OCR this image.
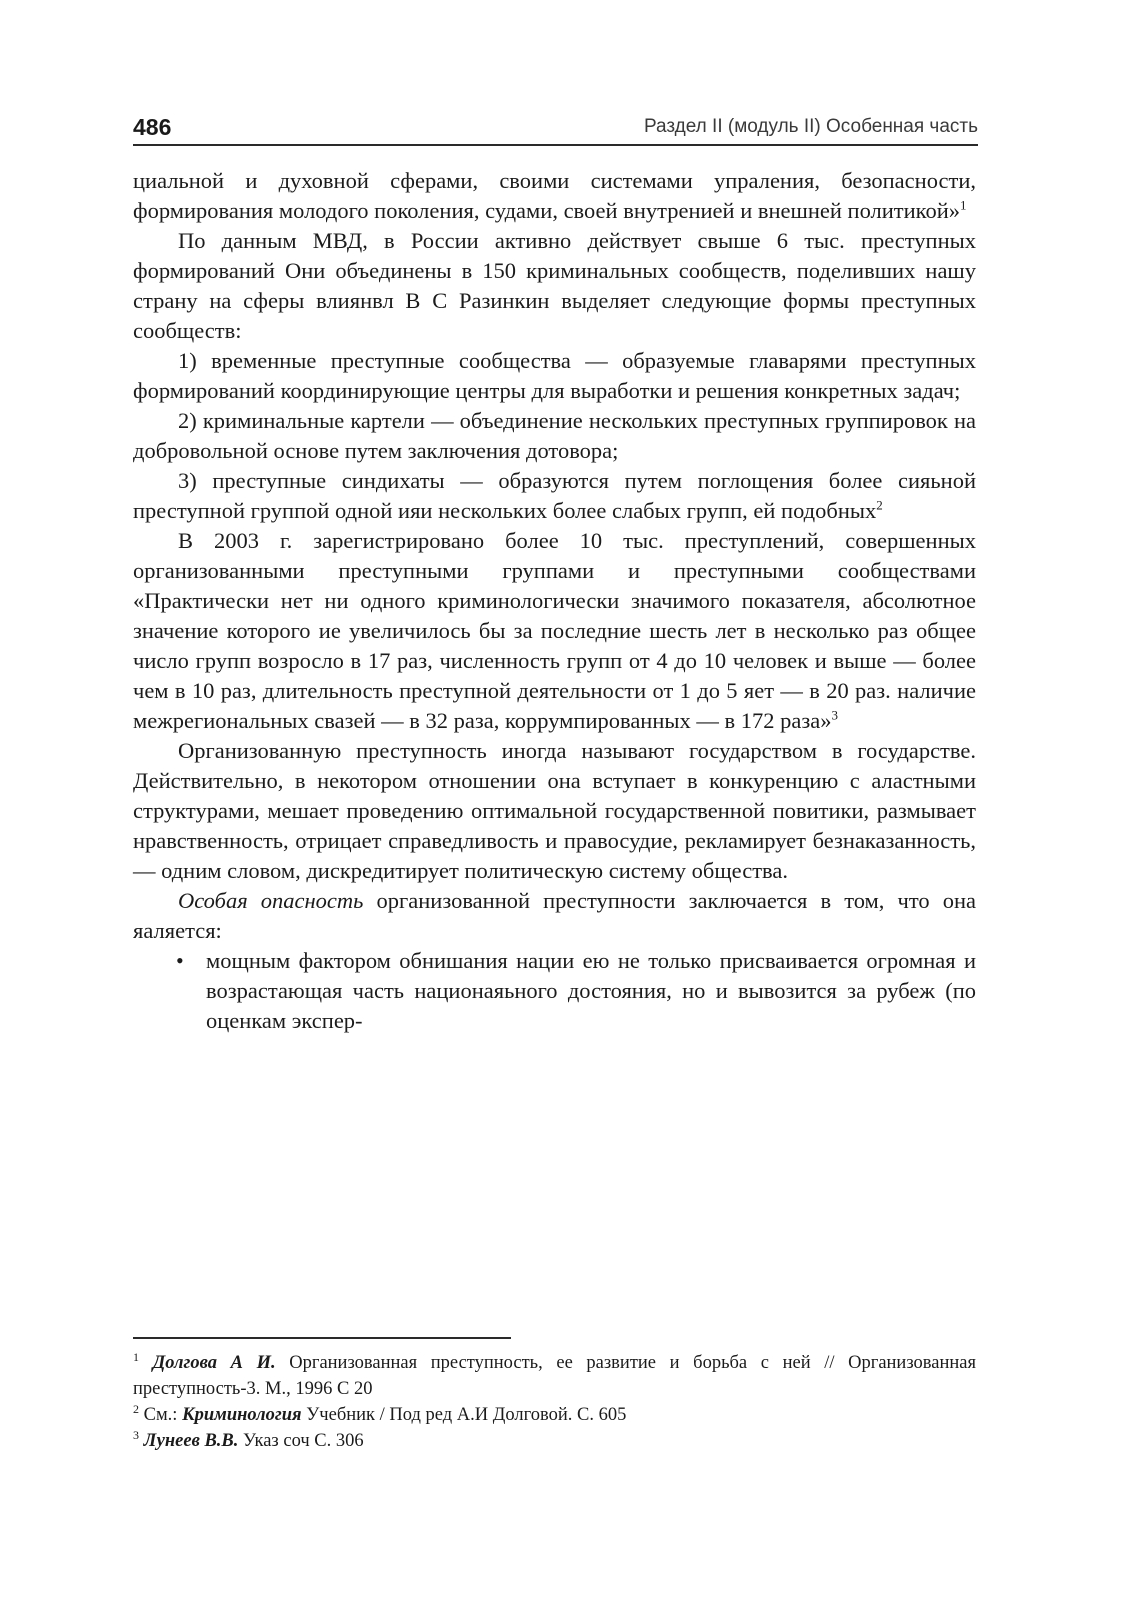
486	Раздел II (модуль II) Особенная часть

циальной и духовной сферами, своими системами упраления, безопасности, формирования молодого поколения, судами, своей внутренией и внешней политикой»$^1$

По данным МВД, в России активно действует свыше 6 тыс. преступных формирований Они объединены в 150 криминальных сообществ, поделивших нашу страну на сферы влиянвл В С Разинкин выделяет следующие формы преступных сообществ:

1) временные преступные сообщества — образуемые главарями преступных формирований координирующие центры для выработки и решения конкретных задач;

2) криминальные картели — объединение нескольких преступных группировок на добровольной основе путем заключения дотовора;

3) преступные синдихаты — образуются путем поглощения более сияьной преступной группой одной ияи нескольких более слабых групп, ей подобных$^2$

В 2003 г. зарегистрировано более 10 тыс. преступлений, совершенных организованными преступными группами и преступными сообществами «Практически нет ни одного криминологически значимого показателя, абсолютное значение которого ие увеличилось бы за последние шесть лет в несколько раз общее число групп возросло в 17 раз, численность групп от 4 до 10 человек и выше — более чем в 10 раз, длительность преступной деятельности от 1 до 5 яет — в 20 раз. наличие межрегиональных свазей — в 32 раза, коррумпированных — в 172 раза»$^3$

Организованную преступность иногда называют государством в государстве. Действительно, в некотором отношении она вступает в конкуренцию с аластными структурами, мешает проведению оптимальной государственной повитики, размывает нравственность, отрицает справедливость и правосудие, рекламирует безнаказанность, — одним словом, дискредитирует политическую систему общества.

Особая опасность организованной преступности заключается в том, что она яаляется:

• мощным фактором обнишания нации ею не только присваивается огромная и возрастающая часть национаяьного достояния, но и вывозится за рубеж (по оценкам экспер-

$^1$ Долгова А И. Организованная преступность, ее развитие и борьба с ней // Организованная преступность-3. М., 1996 С 20

$^2$ См.: Криминология Учебник / Под ред А.И Долговой. С. 605

$^3$ Лунеев В.В. Указ соч С. 306
